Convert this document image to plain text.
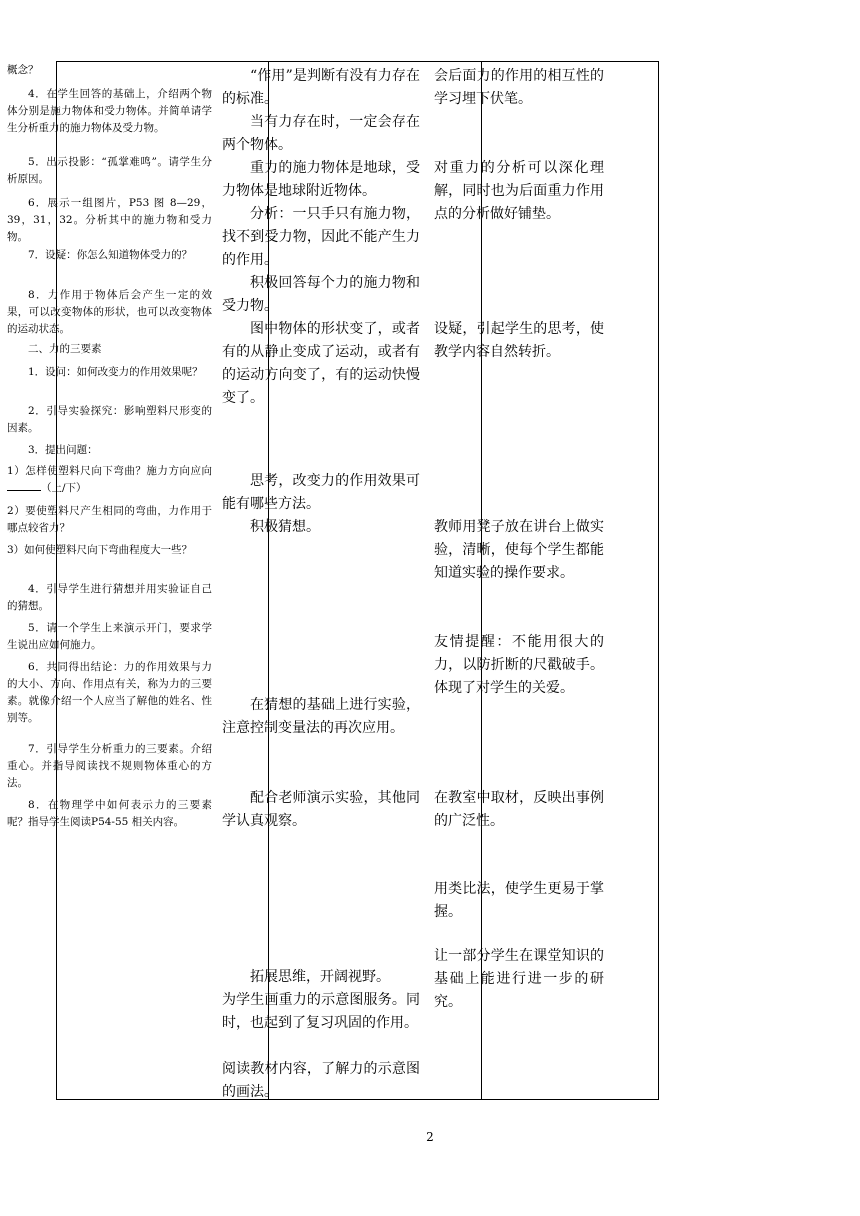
概念？

4．在学生回答的基础上，介绍两个物体分别是施力物体和受力物体。并简单请学生分析重力的施力物体及受力物。

5．出示投影：“孤掌难鸣”。请学生分析原因。

6．展示一组图片，P53 图 8—29，39，31，32。分析其中的施力物和受力物。

7．设疑：你怎么知道物体受力的？

8．力作用于物体后会产生一定的效果，可以改变物体的形状，也可以改变物体的运动状态。

二、力的三要素

1．设问：如何改变力的作用效果呢？

2．引导实验探究：影响塑料尺形变的因素。

3．提出问题：

1）怎样使塑料尺向下弯曲？施力方向应向（上/下）

2）要使塑料尺产生相同的弯曲，力作用于哪点较省力？

3）如何使塑料尺向下弯曲程度大一些？

4．引导学生进行猜想并用实验证自己的猜想。

5．请一个学生上来演示开门，要求学生说出应如何施力。

6．共同得出结论：力的作用效果与力的大小、方向、作用点有关，称为力的三要素。就像介绍一个人应当了解他的姓名、性别等。

7．引导学生分析重力的三要素。介绍重心。并指导阅读找不规则物体重心的方法。

8．在物理学中如何表示力的三要素呢？指导学生阅读P54-55 相关内容。

“作用”是判断有没有力存在的标准。

当有力存在时，一定会存在两个物体。

重力的施力物体是地球，受力物体是地球附近物体。

分析：一只手只有施力物，找不到受力物，因此不能产生力的作用。

积极回答每个力的施力物和受力物。

图中物体的形状变了，或者有的从静止变成了运动，或者有的运动方向变了，有的运动快慢变了。

思考，改变力的作用效果可能有哪些方法。

积极猜想。

在猜想的基础上进行实验，注意控制变量法的再次应用。

配合老师演示实验，其他同学认真观察。

拓展思维，开阔视野。

为学生画重力的示意图服务。同时，也起到了复习巩固的作用。

阅读教材内容，了解力的示意图的画法。

会后面力的作用的相互性的学习埋下伏笔。

对重力的分析可以深化理解，同时也为后面重力作用点的分析做好铺垫。

设疑，引起学生的思考，使教学内容自然转折。

教师用凳子放在讲台上做实验，清晰，使每个学生都能知道实验的操作要求。

友情提醒：不能用很大的力，以防折断的尺戳破手。体现了对学生的关爱。

在教室中取材，反映出事例的广泛性。

用类比法，使学生更易于掌握。

让一部分学生在课堂知识的基础上能进行进一步的研究。

2
